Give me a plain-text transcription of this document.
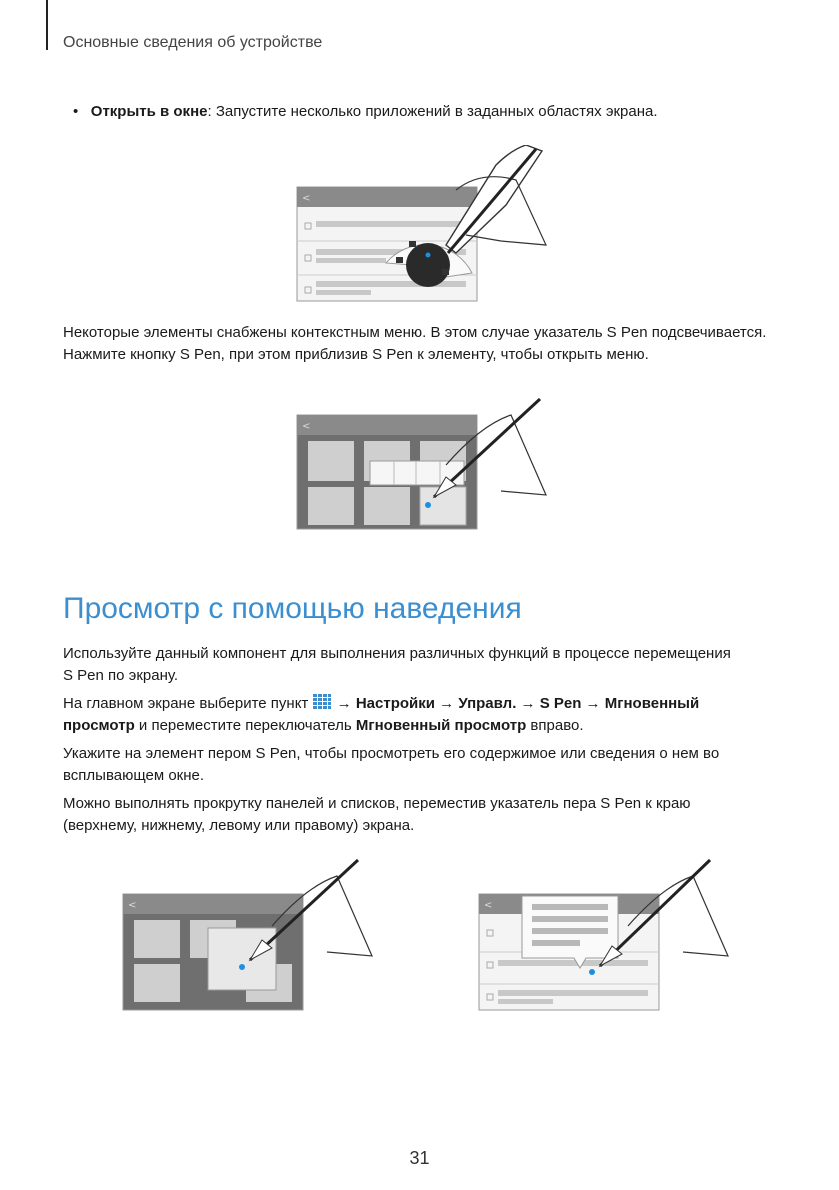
Основные сведения об устройстве
• Открыть в окне: Запустите несколько приложений в заданных областях экрана.
<
Некоторые элементы снабжены контекстным меню. В этом случае указатель S Pen подсвечивается.
Нажмите кнопку S Pen, при этом приблизив S Pen к элементу, чтобы открыть меню.
<
Просмотр с помощью наведения
Используйте данный компонент для выполнения различных функций в процессе перемещения
S Pen по экрану.
На главном экране выберите пункт  → Настройки → Управл. → S Pen → Мгновенный
просмотр и переместите переключатель Мгновенный просмотр вправо.
Укажите на элемент пером S Pen, чтобы просмотреть его содержимое или сведения о нем во
всплывающем окне.
Можно выполнять прокрутку панелей и списков, переместив указатель пера S Pen к краю
(верхнему, нижнему, левому или правому) экрана.
<	<
31
